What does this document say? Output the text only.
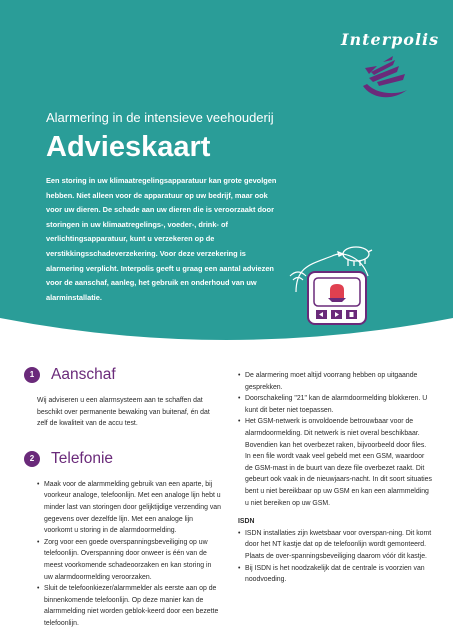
Interpolis
Alarmering in de intensieve veehouderij
Advieskaart
Een storing in uw klimaatregelingsapparatuur kan grote gevolgen hebben. Niet alleen voor de apparatuur op uw bedrijf, maar ook voor uw dieren. De schade aan uw dieren die is veroorzaakt door storingen in uw klimaatregelings-, voeder-, drink- of verlichtingsapparatuur, kunt u verzekeren op de verstikkingsschadeverzekering. Voor deze verzekering is alarmering verplicht. Interpolis geeft u graag een aantal adviezen voor de aanschaf, aanleg, het gebruik en onderhoud van uw alarminstallatie.
1	Aanschaf
Wij adviseren u een alarmsysteem aan te schaffen dat beschikt over permanente bewaking van buitenaf, én dat zelf de kwaliteit van de accu test.
2	Telefonie
• Maak voor de alarmmelding gebruik van een aparte, bij voorkeur analoge, telefoonlijn. Met een analoge lijn hebt u minder last van storingen door gelijktijdige verzending van gegevens over dezelfde lijn. Met een analoge lijn voorkomt u storing in de alarmdoormelding.
• Zorg voor een goede overspanningsbeveiliging op uw telefoonlijn. Overspanning door onweer is één van de meest voorkomende schadeoorzaken en kan storing in uw alarmdoormelding veroorzaken.
• Sluit de telefoonkiezer/alarmmelder als eerste aan op de binnenkomende telefoonlijn. Op deze manier kan de alarmmelding niet worden geblok-keerd door een bezette telefoonlijn.
• De alarmering moet altijd voorrang hebben op uitgaande gesprekken.
• Doorschakeling "21" kan de alarmdoormelding blokkeren. U kunt dit beter niet toepassen.
• Het GSM-netwerk is onvoldoende betrouwbaar voor de alarmdoormelding. Dit netwerk is niet overal beschikbaar. Bovendien kan het overbezet raken, bijvoorbeeld door files. In een file wordt vaak veel gebeld met een GSM, waardoor de GSM-mast in de buurt van deze file overbezet raakt. Dit gebeurt ook vaak in de nieuwjaars-nacht. In dit soort situaties bent u niet bereikbaar op uw GSM en kan een alarmmelding u niet bereiken op uw GSM.
ISDN
• ISDN installaties zijn kwetsbaar voor overspan-ning. Dit komt door het NT kastje dat op de telefoonlijn wordt gemonteerd. Plaats de over-spanningsbeveiliging daarom vóór dit kastje.
• Bij ISDN is het noodzakelijk dat de centrale is voorzien van noodvoeding.
